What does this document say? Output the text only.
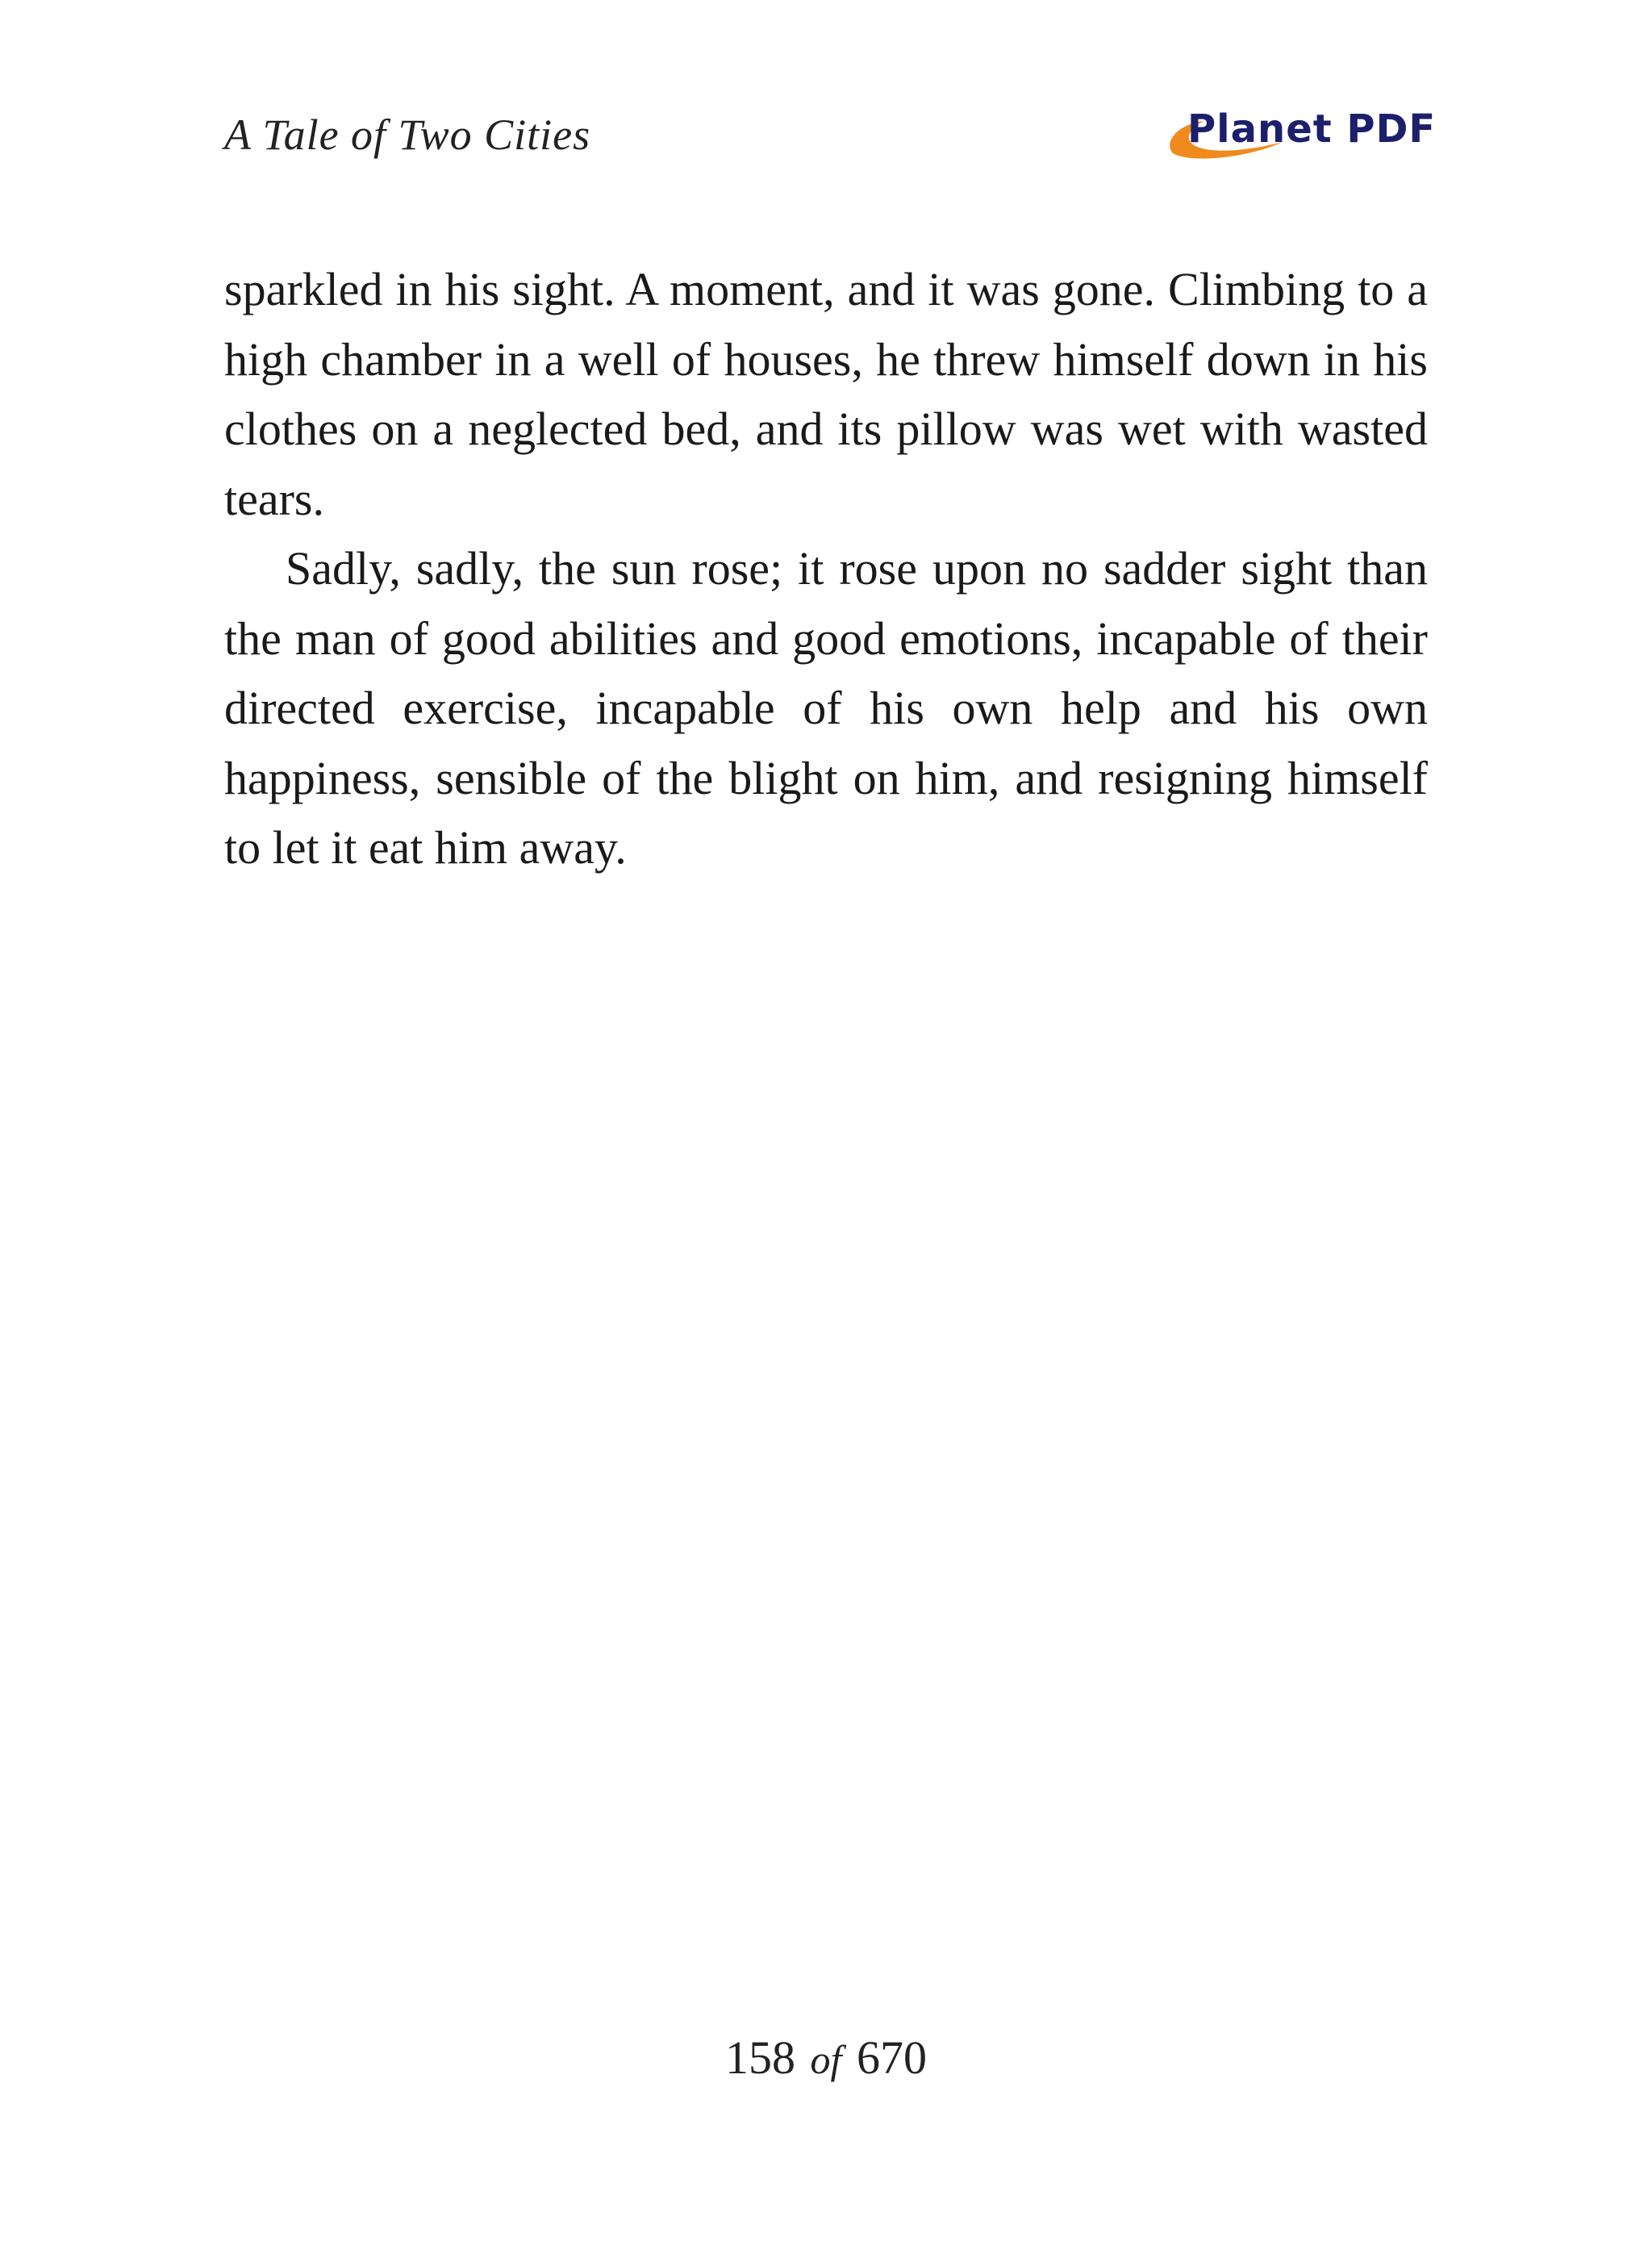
A Tale of Two Cities	Planet PDF

sparkled in his sight. A moment, and it was gone. Climbing to a high chamber in a well of houses, he threw himself down in his clothes on a neglected bed, and its pillow was wet with wasted tears.

Sadly, sadly, the sun rose; it rose upon no sadder sight than the man of good abilities and good emotions, incapable of their directed exercise, incapable of his own help and his own happiness, sensible of the blight on him, and resigning himself to let it eat him away.

158 of 670
